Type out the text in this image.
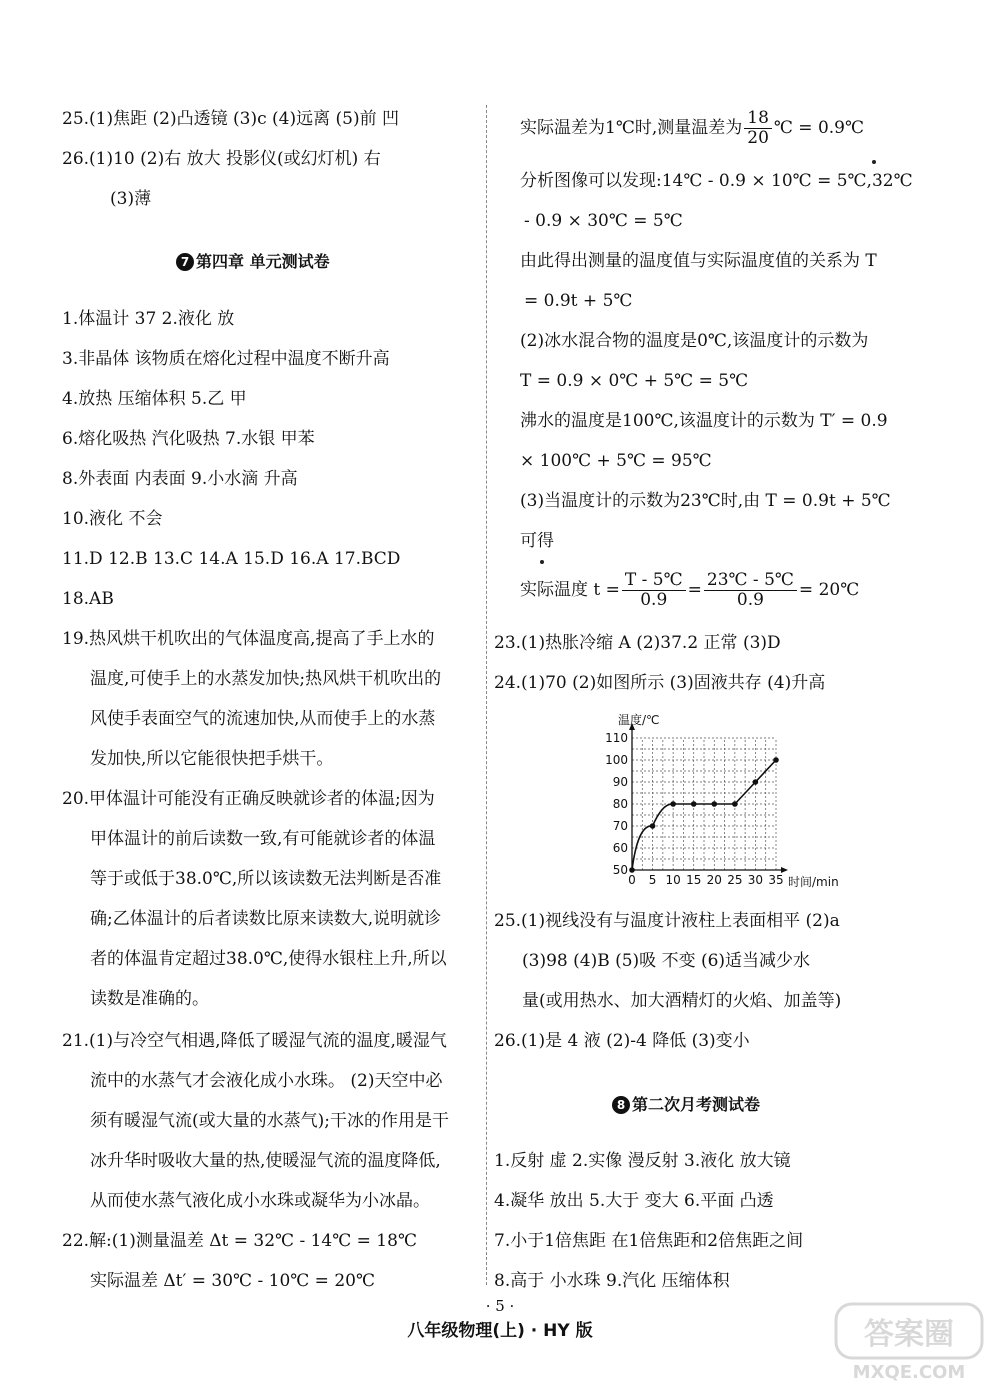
25.(1)焦距 (2)凸透镜 (3)c (4)远离 (5)前 凹
26.(1)10 (2)右 放大 投影仪(或幻灯机) 右
(3)薄
7 第四章 单元测试卷
1.体温计 37 2.液化 放
3.非晶体 该物质在熔化过程中温度不断升高
4.放热 压缩体积 5.乙 甲
6.熔化吸热 汽化吸热 7.水银 甲苯
8.外表面 内表面 9.小水滴 升高
10.液化 不会
11.D 12.B 13.C 14.A 15.D 16.A 17.BCD
18.AB
19.热风烘干机吹出的气体温度高,提高了手上水的
温度,可使手上的水蒸发加快;热风烘干机吹出的
风使手表面空气的流速加快,从而使手上的水蒸
发加快,所以它能很快把手烘干。
20.甲体温计可能没有正确反映就诊者的体温;因为
甲体温计的前后读数一致,有可能就诊者的体温
等于或低于38.0℃,所以该读数无法判断是否准
确;乙体温计的后者读数比原来读数大,说明就诊
者的体温肯定超过38.0℃,使得水银柱上升,所以
读数是准确的。
21.(1)与冷空气相遇,降低了暖湿气流的温度,暖湿气
流中的水蒸气才会液化成小水珠。 (2)天空中必
须有暖湿气流(或大量的水蒸气);干冰的作用是干
冰升华时吸收大量的热,使暖湿气流的温度降低,
从而使水蒸气液化成小水珠或凝华为小冰晶。
22.解:(1)测量温差 Δt = 32℃ - 14℃ = 18℃
实际温差 Δt′ = 30℃ - 10℃ = 20℃
实际温差为1℃时,测量温差为 $\frac{18}{20}$ ℃ = 0.9℃
分析图像可以发现:14℃ - 0.9 × 10℃ = 5℃,32℃
- 0.9 × 30℃ = 5℃
由此得出测量的温度值与实际温度值的关系为 T
= 0.9t + 5℃
(2)冰水混合物的温度是0℃,该温度计的示数为
T = 0.9 × 0℃ + 5℃ = 5℃
沸水的温度是100℃,该温度计的示数为 T′ = 0.9
× 100℃ + 5℃ = 95℃
(3)当温度计的示数为23℃时,由 T = 0.9t + 5℃
可得
实际温度 $t = \frac{T - 5℃}{0.9} = \frac{23℃ - 5℃}{0.9}$ = 20℃
23.(1)热胀冷缩 A (2)37.2 正常 (3)D
24.(1)70 (2)如图所示 (3)固液共存 (4)升高
0 5 10 15 20 25 30 35
50
60
70
80
90
100
110
温度/℃
时间/min
25.(1)视线没有与温度计液柱上表面相平 (2)a
(3)98 (4)B (5)吸 不变 (6)适当减少水
量(或用热水、加大酒精灯的火焰、加盖等)
26.(1)是 4 液 (2)-4 降低 (3)变小
8 第二次月考测试卷
1.反射 虚 2.实像 漫反射 3.液化 放大镜
4.凝华 放出 5.大于 变大 6.平面 凸透
7.小于1倍焦距 在1倍焦距和2倍焦距之间
8.高于 小水珠 9.汽化 压缩体积
· 5 ·
八年级物理(上) · HY 版	答案圈
MXQE.COM
